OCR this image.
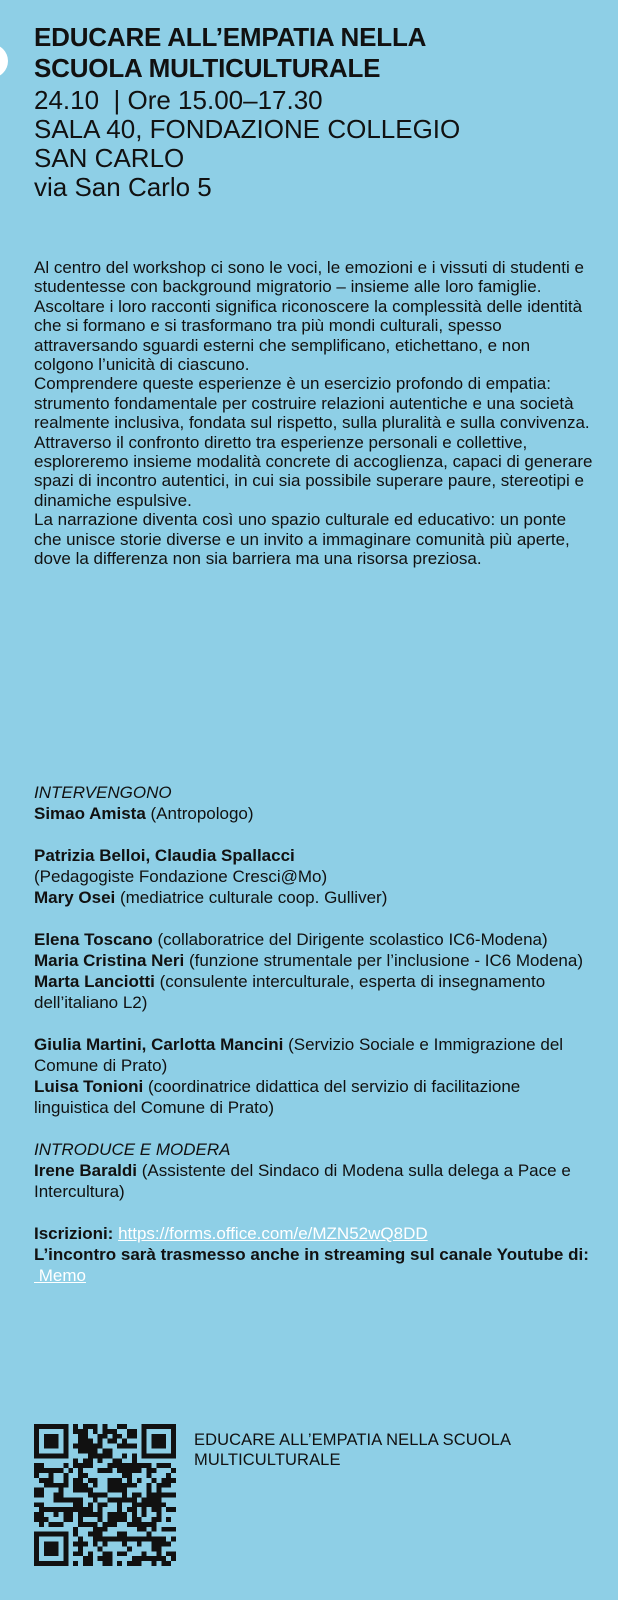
EDUCARE ALL’EMPATIA NELLA
SCUOLA MULTICULTURALE
24.10  | Ore 15.00–17.30
SALA 40, FONDAZIONE COLLEGIO
SAN CARLO
via San Carlo 5

Al centro del workshop ci sono le voci, le emozioni e i vissuti di studenti e studentesse con background migratorio – insieme alle loro famiglie.

Ascoltare i loro racconti significa riconoscere la complessità delle identità che si formano e si trasformano tra più mondi culturali, spesso attraversando sguardi esterni che semplificano, etichettano, e non colgono l’unicità di ciascuno.

Comprendere queste esperienze è un esercizio profondo di empatia: strumento fondamentale per costruire relazioni autentiche e una società realmente inclusiva, fondata sul rispetto, sulla pluralità e sulla convivenza.

Attraverso il confronto diretto tra esperienze personali e collettive, esploreremo insieme modalità concrete di accoglienza, capaci di generare spazi di incontro autentici, in cui sia possibile superare paure, stereotipi e dinamiche espulsive.

La narrazione diventa così uno spazio culturale ed educativo: un ponte che unisce storie diverse e un invito a immaginare comunità più aperte, dove la differenza non sia barriera ma una risorsa preziosa.

INTERVENGONO

Simao Amista (Antropologo)

Patrizia Belloi, Claudia Spallacci

(Pedagogiste Fondazione Cresci@Mo)

Mary Osei (mediatrice culturale coop. Gulliver)

Elena Toscano (collaboratrice del Dirigente scolastico IC6-Modena)

Maria Cristina Neri (funzione strumentale per l’inclusione - IC6 Modena)

Marta Lanciotti (consulente interculturale, esperta di insegnamento dell’italiano L2)

Giulia Martini, Carlotta Mancini (Servizio Sociale e Immigrazione del Comune di Prato)

Luisa Tonioni (coordinatrice didattica del servizio di facilitazione linguistica del Comune di Prato)

INTRODUCE E MODERA

Irene Baraldi (Assistente del Sindaco di Modena sulla delega a Pace e Intercultura)

Iscrizioni: https://forms.office.com/e/MZN52wQ8DD

L’incontro sarà trasmesso anche in streaming sul canale Youtube di: Memo

EDUCARE ALL’EMPATIA NELLA SCUOLA MULTICULTURALE
